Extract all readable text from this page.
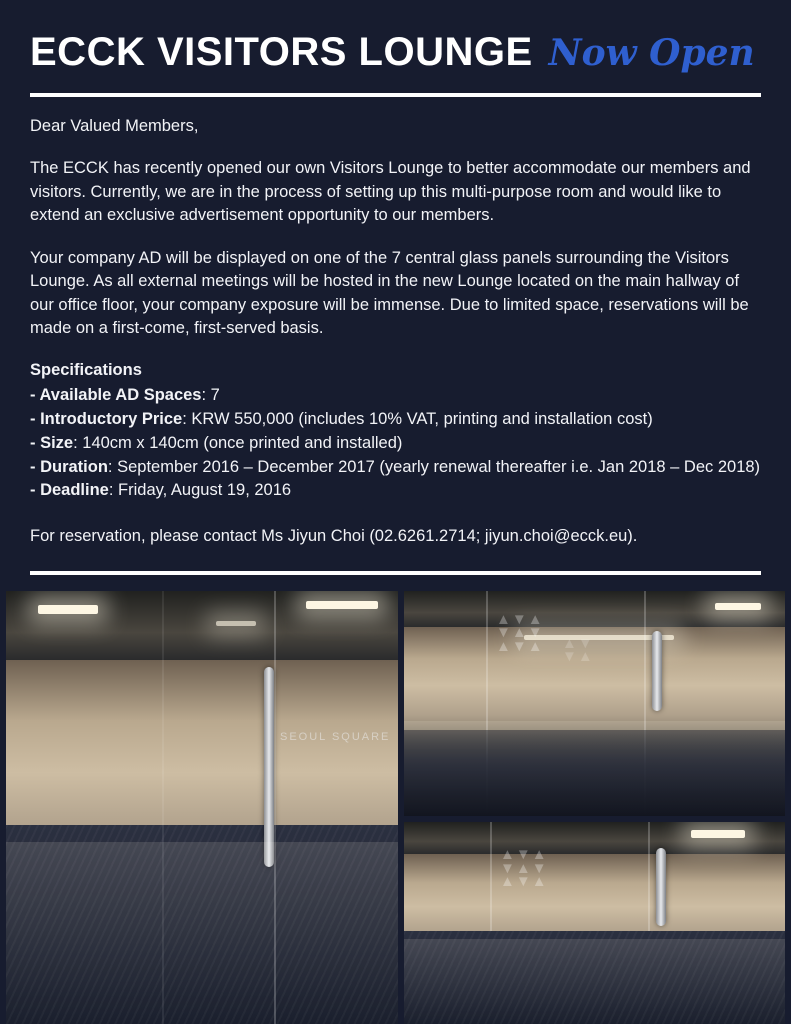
ECCK VISITORS LOUNGE Now Open

Dear Valued Members,

The ECCK has recently opened our own Visitors Lounge to better accommodate our members and visitors. Currently, we are in the process of setting up this multi-purpose room and would like to extend an exclusive advertisement opportunity to our members.

Your company AD will be displayed on one of the 7 central glass panels surrounding the Visitors Lounge. As all external meetings will be hosted in the new Lounge located on the main hallway of our office floor, your company exposure will be immense. Due to limited space, reservations will be made on a first-come, first-served basis.

Specifications

- Available AD Spaces: 7

- Introductory Price: KRW 550,000 (includes 10% VAT, printing and installation cost)

- Size: 140cm x 140cm (once printed and installed)

- Duration: September 2016 – December 2017 (yearly renewal thereafter i.e. Jan 2018 – Dec 2018)

- Deadline: Friday, August 19, 2016

For reservation, please contact Ms Jiyun Choi (02.6261.2714; jiyun.choi@ecck.eu).

SEOUL SQUARE
▲▼▲
▼▲▼
▲▼▲ ▲▼
▼▲
▲▼▲
▼▲▼
▲▼▲
